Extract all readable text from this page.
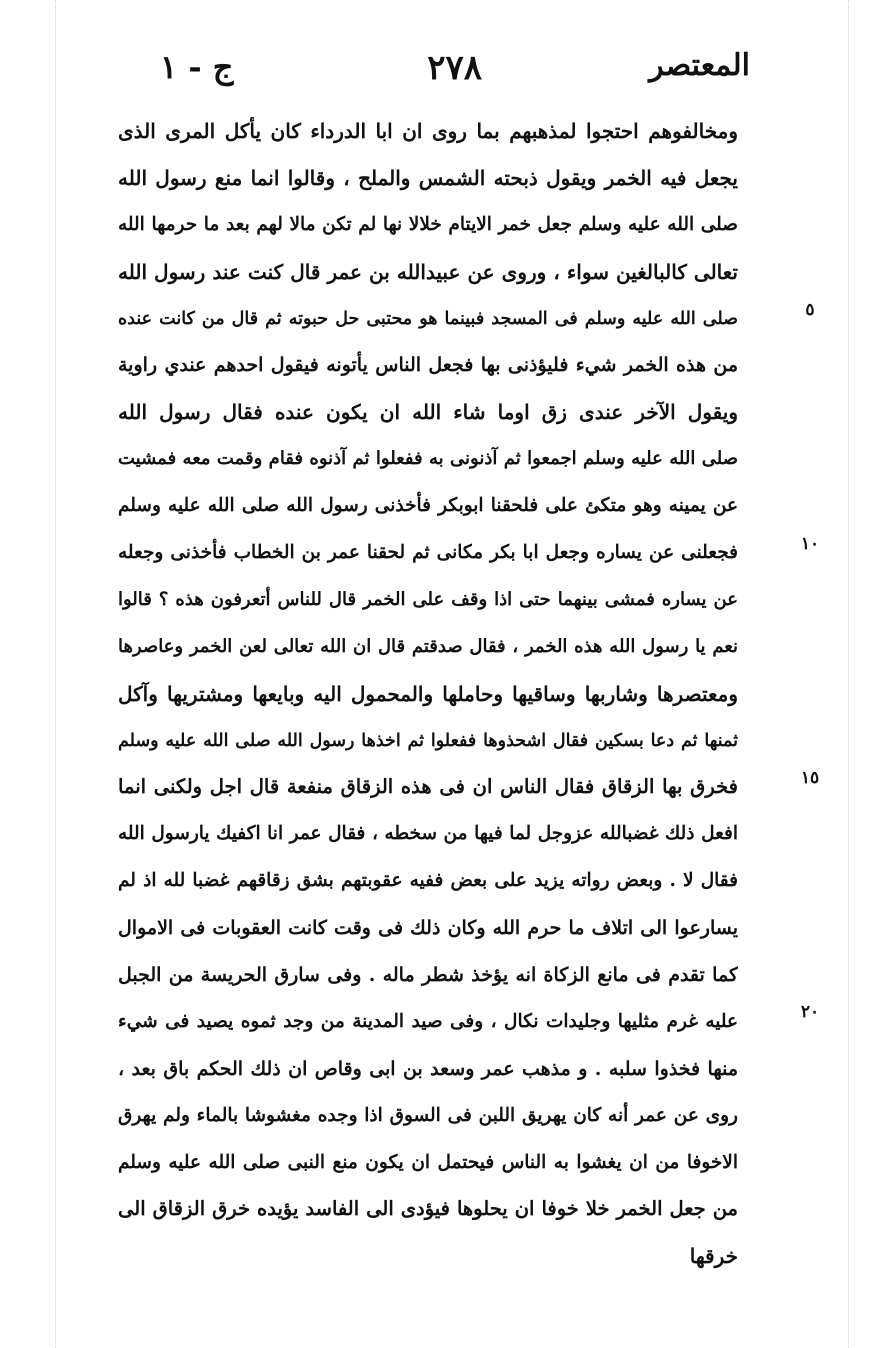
المعتصر
٢٧٨
ج - ١
٥
١٠
١٥
٢٠
ومخالفوهم احتجوا لمذهبهم بما روى ان ابا الدرداء كان يأكل المرى الذى
يجعل فيه الخمر ويقول ذبحته الشمس والملح ، وقالوا انما منع رسول الله
صلى الله عليه وسلم جعل خمر الايتام خلالا نها لم تكن مالا لهم بعد ما حرمها الله
تعالى كالبالغين سواء ، وروى عن عبيدالله بن عمر قال كنت عند رسول الله
صلى الله عليه وسلم فى المسجد فبينما هو محتبى حل حبوته ثم قال من كانت عنده
من هذه الخمر شيء فليؤذنى بها فجعل الناس يأتونه فيقول احدهم عندي راوية
ويقول الآخر عندى زق اوما شاء الله ان يكون عنده فقال رسول الله
صلى الله عليه وسلم اجمعوا ثم آذنونى به ففعلوا ثم آذنوه فقام وقمت معه فمشيت
عن يمينه وهو متكئ على فلحقنا ابوبكر فأخذنى رسول الله صلى الله عليه وسلم
فجعلنى عن يساره وجعل ابا بكر مكانى ثم لحقنا عمر بن الخطاب فأخذنى وجعله
عن يساره فمشى بينهما حتى اذا وقف على الخمر قال للناس أتعرفون هذه ؟ قالوا
نعم يا رسول الله هذه الخمر ، فقال صدقتم قال ان الله تعالى لعن الخمر وعاصرها
ومعتصرها وشاربها وساقيها وحاملها والمحمول اليه وبايعها ومشتريها وآكل
ثمنها ثم دعا بسكين فقال اشحذوها ففعلوا ثم اخذها رسول الله صلى الله عليه وسلم
فخرق بها الزقاق فقال الناس ان فى هذه الزقاق منفعة قال اجل ولكنى انما
افعل ذلك غضبالله عزوجل لما فيها من سخطه ، فقال عمر انا اكفيك يارسول الله
فقال لا . وبعض رواته يزيد على بعض ففيه عقوبتهم بشق زقاقهم غضبا لله اذ لم
يسارعوا الى اتلاف ما حرم الله وكان ذلك فى وقت كانت العقوبات فى الاموال
كما تقدم فى مانع الزكاة انه يؤخذ شطر ماله . وفى سارق الحريسة من الجبل
عليه غرم مثليها وجليدات نكال ، وفى صيد المدينة من وجد ثموه يصيد فى شيء
منها فخذوا سلبه . و مذهب عمر وسعد بن ابى وقاص ان ذلك الحكم باق بعد ،
روى عن عمر أنه كان يهريق اللبن فى السوق اذا وجده مغشوشا بالماء ولم يهرق
الاخوفا من ان يغشوا به الناس فيحتمل ان يكون منع النبى صلى الله عليه وسلم
من جعل الخمر خلا خوفا ان يحلوها فيؤدى الى الفاسد يؤيده خرق الزقاق الى
خرقها
